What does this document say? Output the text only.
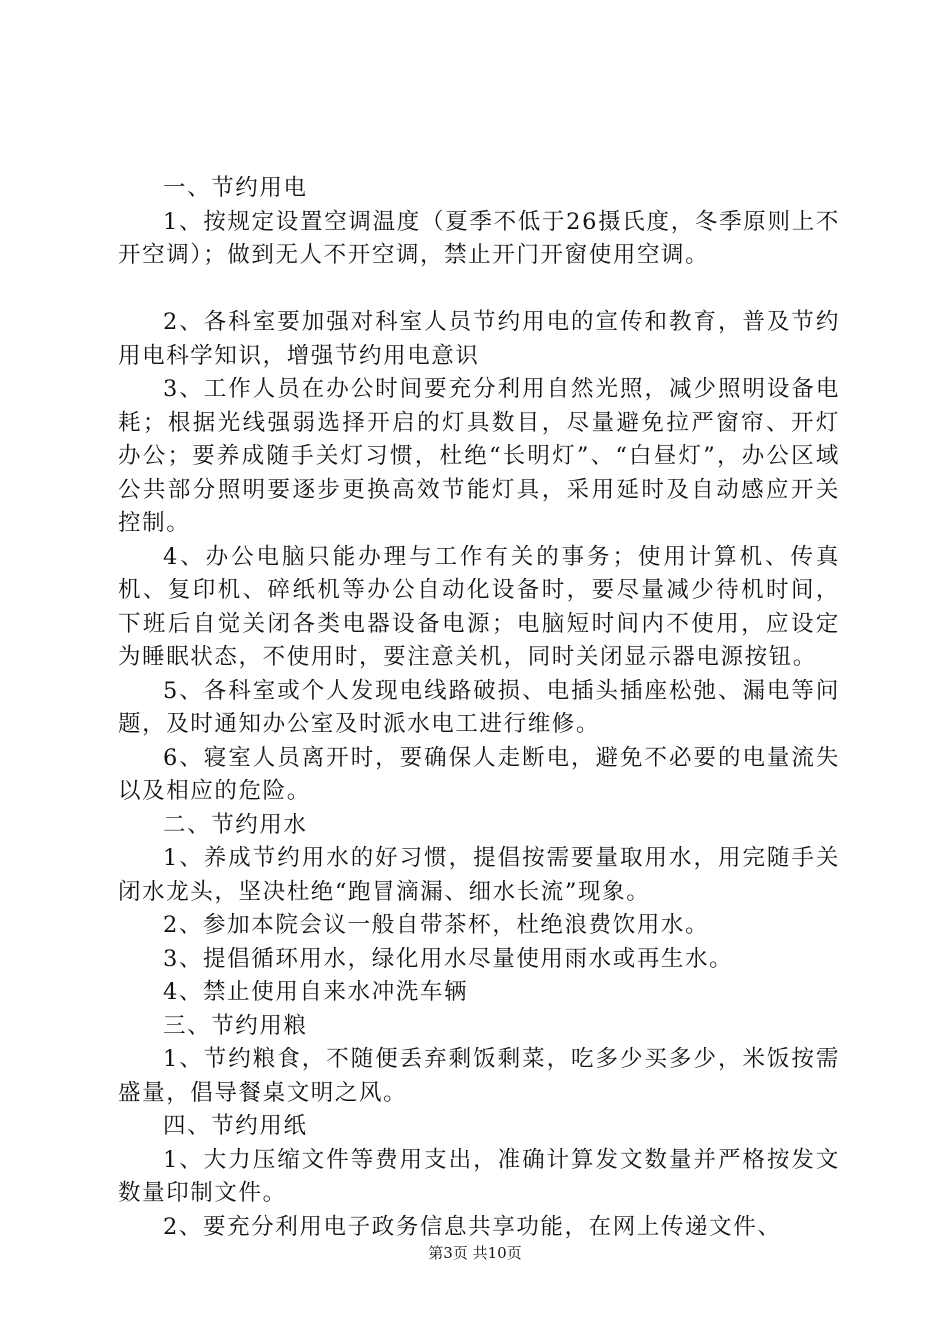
一、节约用电

1、按规定设置空调温度（夏季不低于26摄氏度，冬季原则上不开空调）；做到无人不开空调，禁止开门开窗使用空调。

2、各科室要加强对科室人员节约用电的宣传和教育，普及节约用电科学知识，增强节约用电意识

3、工作人员在办公时间要充分利用自然光照，减少照明设备电耗；根据光线强弱选择开启的灯具数目，尽量避免拉严窗帘、开灯办公；要养成随手关灯习惯，杜绝“长明灯”、“白昼灯”，办公区域公共部分照明要逐步更换高效节能灯具，采用延时及自动感应开关控制。

4、办公电脑只能办理与工作有关的事务；使用计算机、传真机、复印机、碎纸机等办公自动化设备时，要尽量减少待机时间，下班后自觉关闭各类电器设备电源；电脑短时间内不使用，应设定为睡眠状态，不使用时，要注意关机，同时关闭显示器电源按钮。

5、各科室或个人发现电线路破损、电插头插座松弛、漏电等问题，及时通知办公室及时派水电工进行维修。

6、寝室人员离开时，要确保人走断电，避免不必要的电量流失以及相应的危险。

二、节约用水

1、养成节约用水的好习惯，提倡按需要量取用水，用完随手关闭水龙头，坚决杜绝“跑冒滴漏、细水长流”现象。

2、参加本院会议一般自带茶杯，杜绝浪费饮用水。

3、提倡循环用水，绿化用水尽量使用雨水或再生水。

4、禁止使用自来水冲洗车辆

三、节约用粮

1、节约粮食，不随便丢弃剩饭剩菜，吃多少买多少，米饭按需盛量，倡导餐桌文明之风。

四、节约用纸

1、大力压缩文件等费用支出，准确计算发文数量并严格按发文数量印制文件。

2、要充分利用电子政务信息共享功能，在网上传递文件、

第3页 共10页
